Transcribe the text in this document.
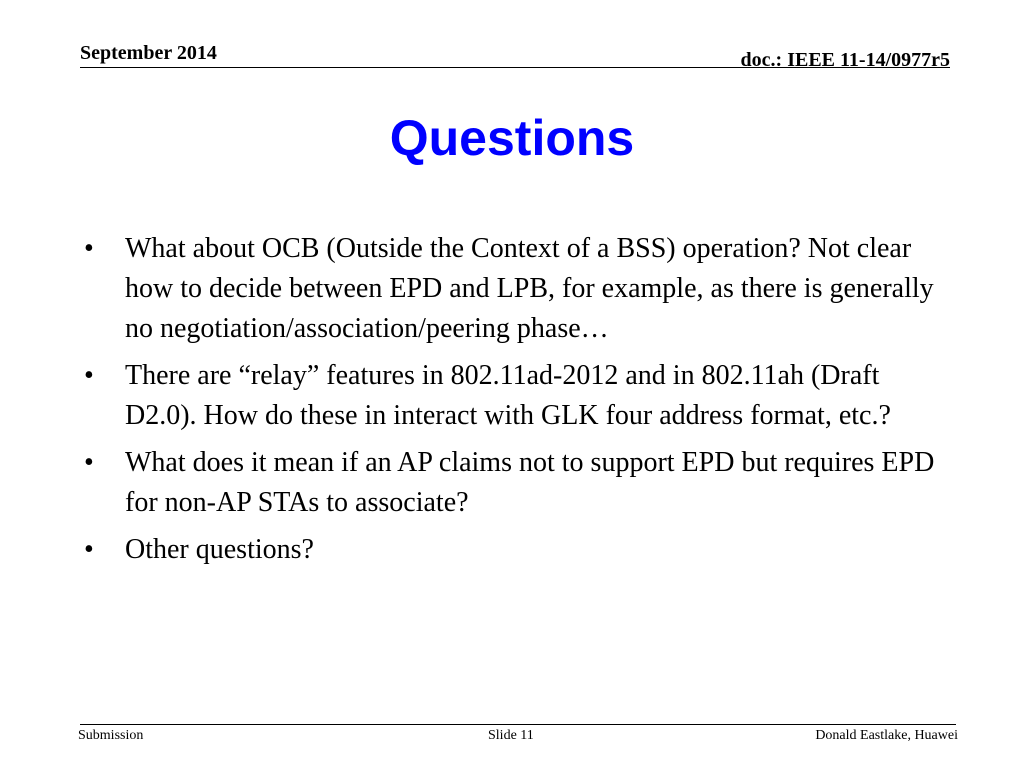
September 2014	doc.: IEEE 11-14/0977r5
Questions
• What about OCB (Outside the Context of a BSS) operation? Not clear how to decide between EPD and LPB, for example, as there is generally no negotiation/association/peering phase…
• There are “relay” features in 802.11ad-2012 and in 802.11ah (Draft D2.0). How do these in interact with GLK four address format, etc.?
• What does it mean if an AP claims not to support EPD but requires EPD for non-AP STAs to associate?
• Other questions?
Submission	Slide 11	Donald Eastlake, Huawei
